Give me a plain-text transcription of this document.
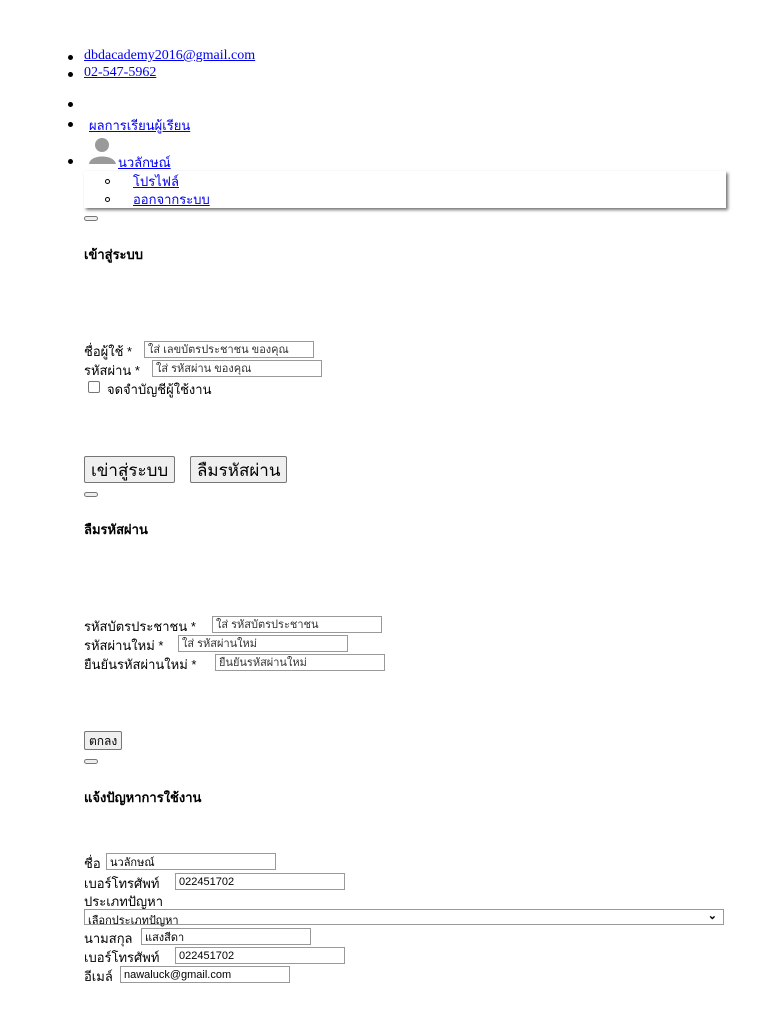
dbdacademy2016@gmail.com
02-547-5962
ผลการเรียนผู้เรียน
นวลักษณ์
โปรไฟล์
ออกจากระบบ
เข้าสู่ระบบ
ชื่อผู้ใช้ *
ใส่ เลขบัตรประชาชน ของคุณ
รหัสผ่าน *
ใส่ รหัสผ่าน ของคุณ
จดจำบัญชีผู้ใช้งาน
เข่าสู่ระบบ	ลืมรหัสผ่าน
ลืมรหัสผ่าน
รหัสบัตรประชาชน *
ใส่ รหัสบัตรประชาชน
รหัสผ่านใหม่ *
ใส่ รหัสผ่านใหม่
ยืนยันรหัสผ่านใหม่ *
ยืนยันรหัสผ่านใหม่
ตกลง
แจ้งปัญหาการใช้งาน
ชื่อ
นวลักษณ์
เบอร์โทรศัพท์
022451702
ประเภทปัญหา
เลือกประเภทปัญหา	⌄
นามสกุล
แสงสีดา
เบอร์โทรศัพท์
022451702
อีเมล์
nawaluck@gmail.com
